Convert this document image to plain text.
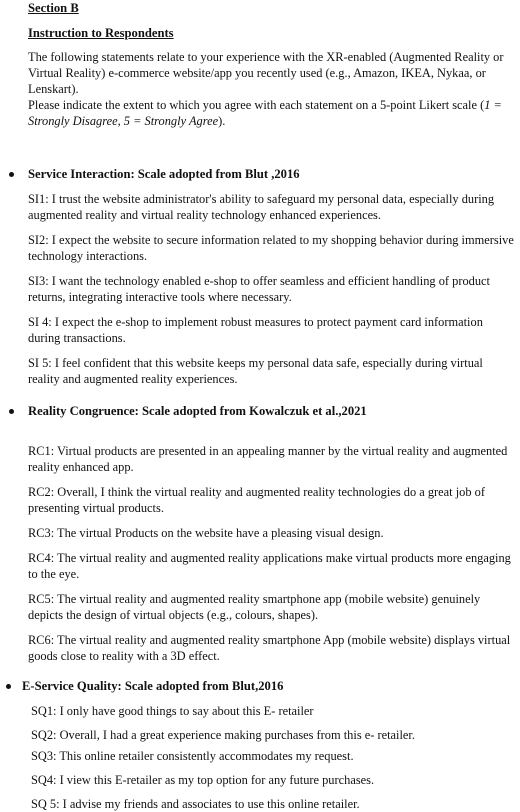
Section B
Instruction to Respondents

The following statements relate to your experience with the XR-enabled (Augmented Reality or Virtual Reality) e-commerce website/app you recently used (e.g., Amazon, IKEA, Nykaa, or Lenskart).

Please indicate the extent to which you agree with each statement on a 5-point Likert scale (1 = Strongly Disagree, 5 = Strongly Agree).

Service Interaction: Scale adopted from Blut ,2016
SI1: I trust the website administrator's ability to safeguard my personal data, especially during augmented reality and virtual reality technology enhanced experiences.
SI2: I expect the website to secure information related to my shopping behavior during immersive technology interactions.
SI3: I want the technology enabled e-shop to offer seamless and efficient handling of product returns, integrating interactive tools where necessary.
SI 4: I expect the e-shop to implement robust measures to protect payment card information during transactions.
SI 5: I feel confident that this website keeps my personal data safe, especially during virtual reality and augmented reality experiences.
Reality Congruence: Scale adopted from Kowalczuk et al.,2021
RC1: Virtual products are presented in an appealing manner by the virtual reality and augmented reality enhanced app.
RC2: Overall, I think the virtual reality and augmented reality technologies do a great job of presenting virtual products.
RC3: The virtual Products on the website have a pleasing visual design.
RC4: The virtual reality and augmented reality applications make virtual products more engaging to the eye.
RC5: The virtual reality and augmented reality smartphone app (mobile website) genuinely depicts the design of virtual objects (e.g., colours, shapes).
RC6: The virtual reality and augmented reality smartphone App (mobile website) displays virtual goods close to reality with a 3D effect.
E-Service Quality: Scale adopted from Blut,2016
SQ1: I only have good things to say about this E- retailer
SQ2: Overall, I had a great experience making purchases from this e- retailer.
SQ3: This online retailer consistently accommodates my request.
SQ4: I view this E-retailer as my top option for any future purchases.
SQ 5: I advise my friends and associates to use this online retailer.
